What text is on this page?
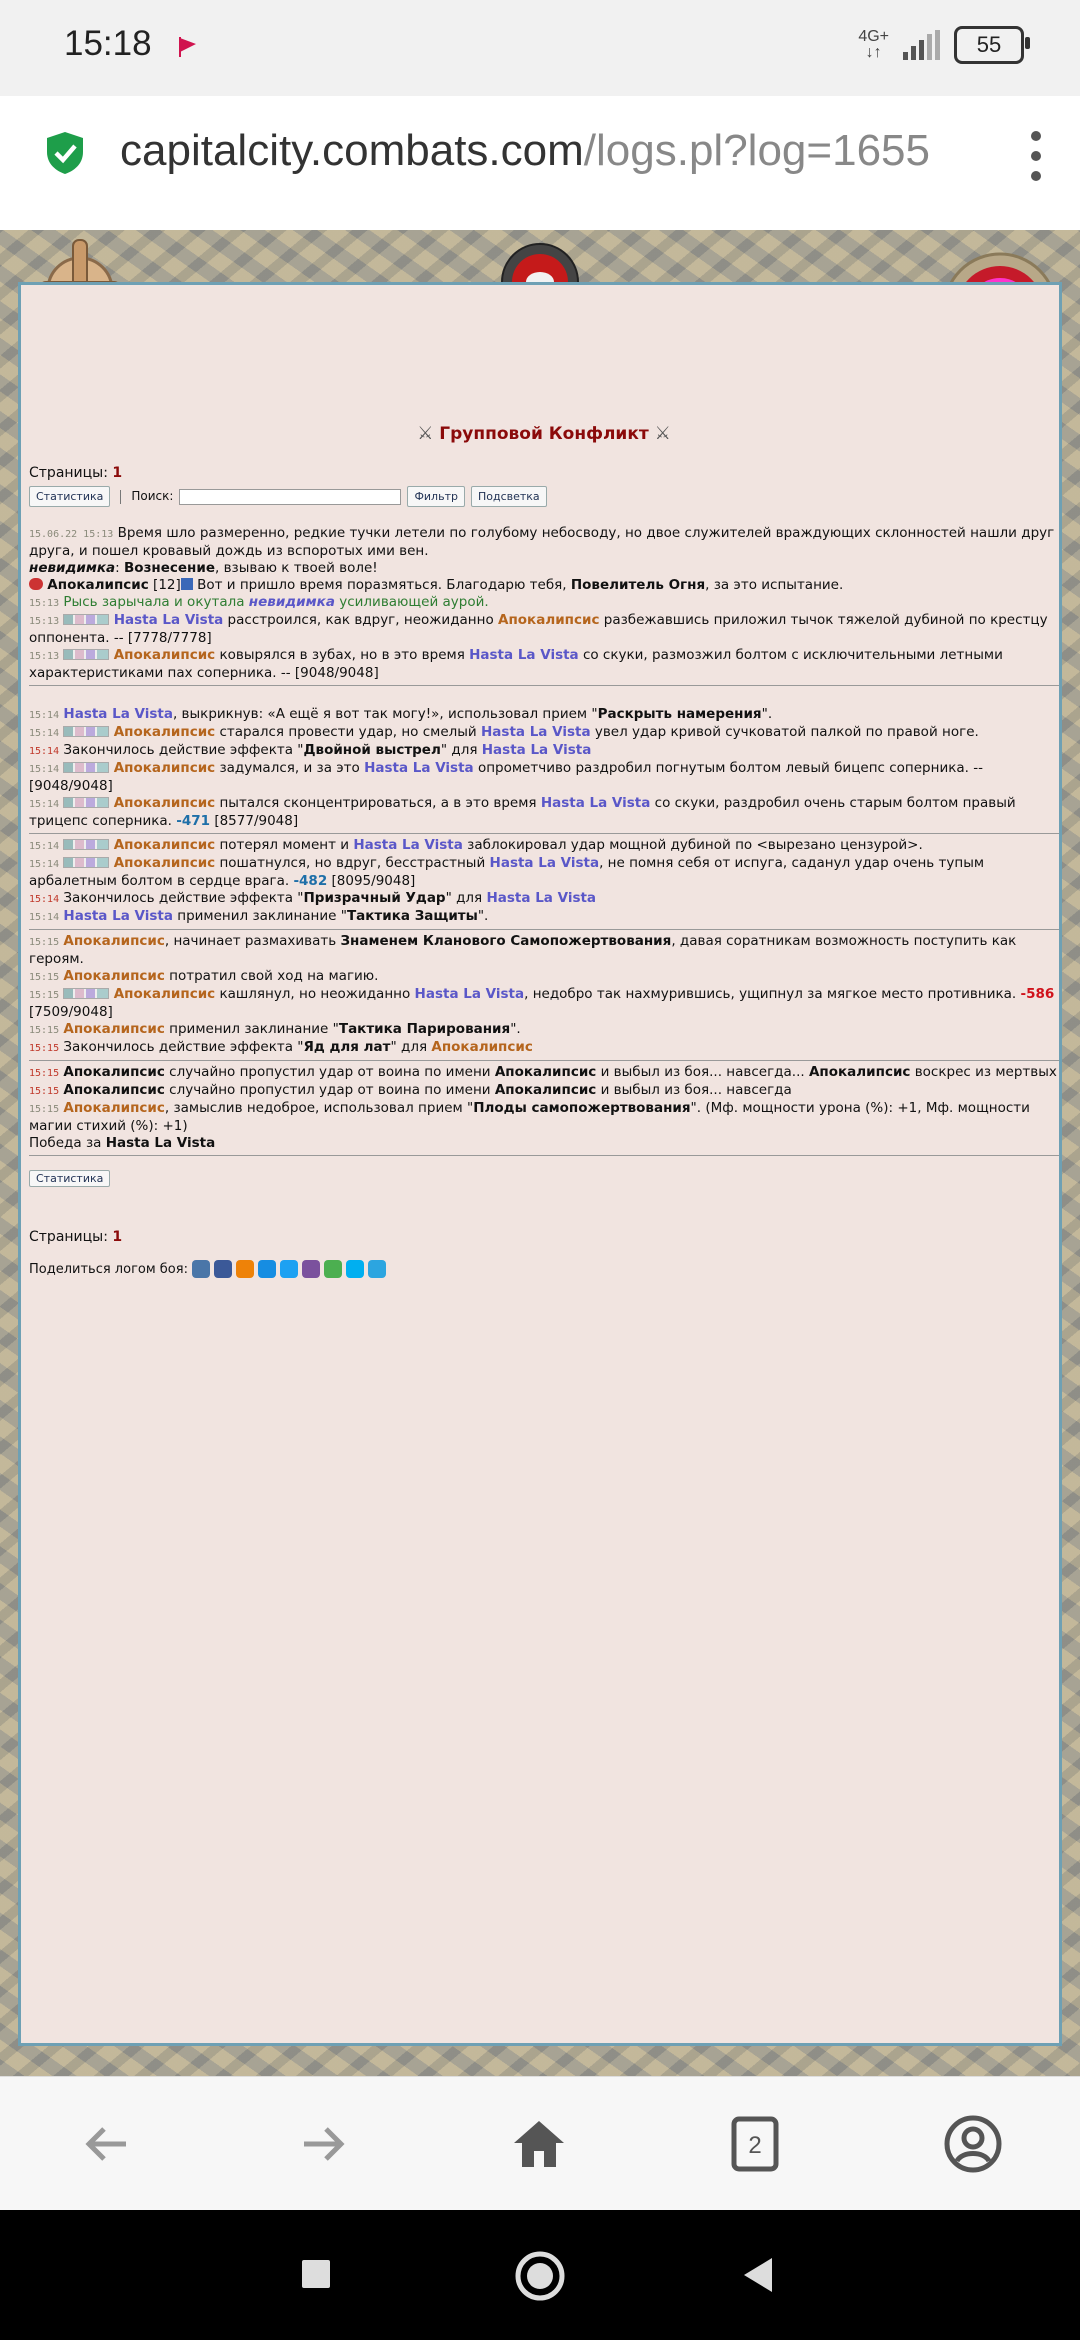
15:18	4G+
↓↑	55
capitalcity.combats.com/logs.pl?log=1655
⚔ Групповой Конфликт ⚔
Страницы: 1
Статистика	Поиск:	Фильтр	Подсветка

15.06.22 15:13 Время шло размеренно, редкие тучки летели по голубому небосводу, но двое служителей враждующих склонностей нашли друг друга, и пошел кровавый дождь из вспоротых ими вен.

невидимка: Вознесение, взываю к твоей воле!

Апокалипсис [12] Вот и пришло время поразмяться. Благодарю тебя, Повелитель Огня, за это испытание.

15:13 Рысь зарычала и окутала невидимка усиливающей аурой.

15:13	Hasta La Vista расстроился, как вдруг, неожиданно Апокалипсис разбежавшись приложил тычок тяжелой дубиной по крестцу оппонента. -- [7778/7778]

15:13	Апокалипсис ковырялся в зубах, но в это время Hasta La Vista со скуки, размозжил болтом с исключительными летными характеристиками пах соперника. -- [9048/9048]

15:14 Hasta La Vista, выкрикнув: «А ещё я вот так могу!», использовал прием "Раскрыть намерения".

15:14	Апокалипсис старался провести удар, но смелый Hasta La Vista увел удар кривой сучковатой палкой по правой ноге.

15:14 Закончилось действие эффекта "Двойной выстрел" для Hasta La Vista

15:14	Апокалипсис задумался, и за это Hasta La Vista опрометчиво раздробил погнутым болтом левый бицепс соперника. -- [9048/9048]

15:14	Апокалипсис пытался сконцентрироваться, а в это время Hasta La Vista со скуки, раздробил очень старым болтом правый трицепс соперника. -471 [8577/9048]

15:14	Апокалипсис потерял момент и Hasta La Vista заблокировал удар мощной дубиной по <вырезано цензурой>.

15:14	Апокалипсис пошатнулся, но вдруг, бесстрастный Hasta La Vista, не помня себя от испуга, саданул удар очень тупым арбалетным болтом в сердце врага. -482 [8095/9048]

15:14 Закончилось действие эффекта "Призрачный Удар" для Hasta La Vista

15:14 Hasta La Vista применил заклинание "Тактика Защиты".

15:15 Апокалипсис, начинает размахивать Знаменем Кланового Самопожертвования, давая соратникам возможность поступить как героям.

15:15 Апокалипсис потратил свой ход на магию.

15:15	Апокалипсис кашлянул, но неожиданно Hasta La Vista, недобро так нахмурившись, ущипнул за мягкое место противника. -586
[7509/9048]

15:15 Апокалипсис применил заклинание "Тактика Парирования".

15:15 Закончилось действие эффекта "Яд для лат" для Апокалипсис

15:15 Апокалипсис случайно пропустил удар от воина по имени Апокалипсис и выбыл из боя... навсегда... Апокалипсис воскрес из мертвых

15:15 Апокалипсис случайно пропустил удар от воина по имени Апокалипсис и выбыл из боя... навсегда

15:15 Апокалипсис, замыслив недоброе, использовал прием "Плоды самопожертвования". (Мф. мощности урона (%): +1, Мф. мощности магии стихий (%): +1)

Победа за Hasta La Vista

Статистика
Страницы: 1
Поделиться логом боя:
2
